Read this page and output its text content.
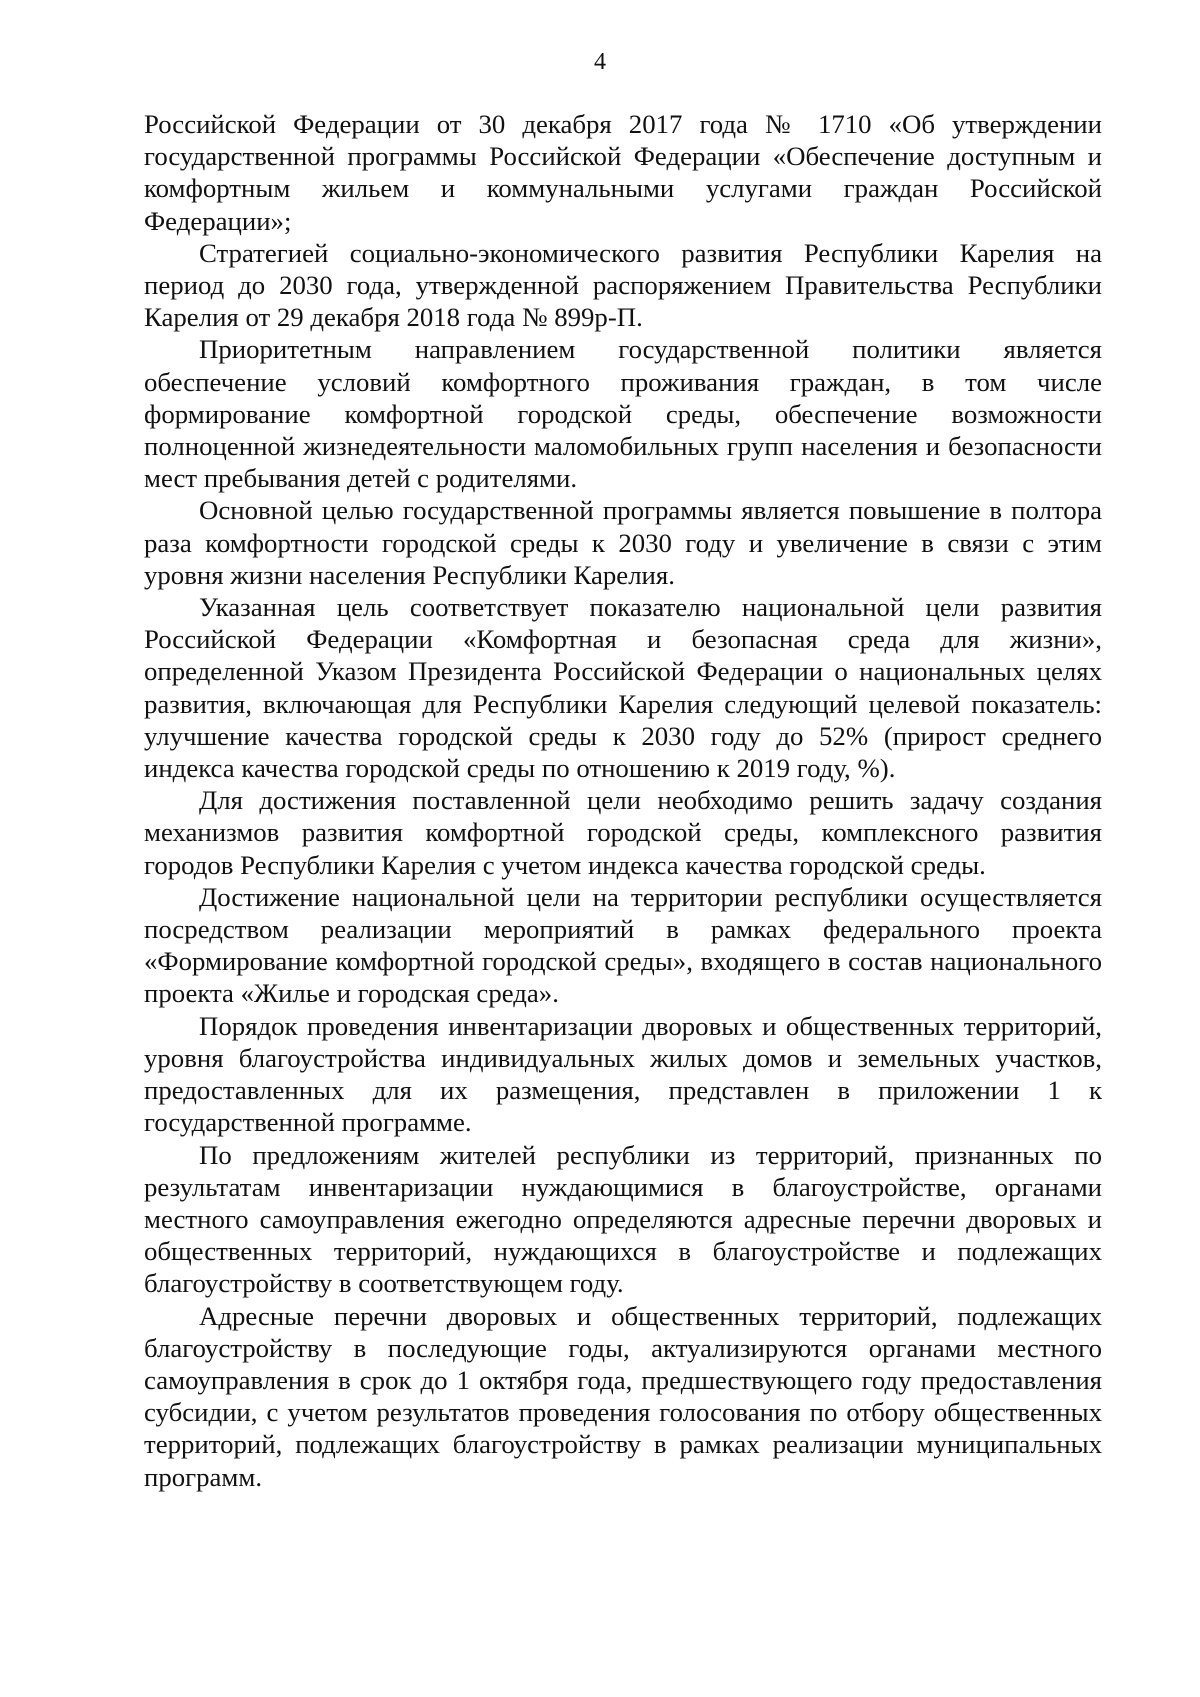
4

Российской Федерации от 30 декабря 2017 года № 1710 «Об утверждении государственной программы Российской Федерации «Обеспечение доступным и комфортным жильем и коммунальными услугами граждан Российской Федерации»;

Стратегией социально-экономического развития Республики Карелия на период до 2030 года, утвержденной распоряжением Правительства Республики Карелия от 29 декабря 2018 года № 899р-П.

Приоритетным направлением государственной политики является обеспечение условий комфортного проживания граждан, в том числе формирование комфортной городской среды, обеспечение возможности полноценной жизнедеятельности маломобильных групп населения и безопасности мест пребывания детей с родителями.

Основной целью государственной программы является повышение в полтора раза комфортности городской среды к 2030 году и увеличение в связи с этим уровня жизни населения Республики Карелия.

Указанная цель соответствует показателю национальной цели развития Российской Федерации «Комфортная и безопасная среда для жизни», определенной Указом Президента Российской Федерации о национальных целях развития, включающая для Республики Карелия следующий целевой показатель: улучшение качества городской среды к 2030 году до 52% (прирост среднего индекса качества городской среды по отношению к 2019 году, %).

Для достижения поставленной цели необходимо решить задачу создания механизмов развития комфортной городской среды, комплексного развития городов Республики Карелия с учетом индекса качества городской среды.

Достижение национальной цели на территории республики осуществляется посредством реализации мероприятий в рамках федерального проекта «Формирование комфортной городской среды», входящего в состав национального проекта «Жилье и городская среда».

Порядок проведения инвентаризации дворовых и общественных территорий, уровня благоустройства индивидуальных жилых домов и земельных участков, предоставленных для их размещения, представлен в приложении 1 к государственной программе.

По предложениям жителей республики из территорий, признанных по результатам инвентаризации нуждающимися в благоустройстве, органами местного самоуправления ежегодно определяются адресные перечни дворовых и общественных территорий, нуждающихся в благоустройстве и подлежащих благоустройству в соответствующем году.

Адресные перечни дворовых и общественных территорий, подлежащих благоустройству в последующие годы, актуализируются органами местного самоуправления в срок до 1 октября года, предшествующего году предоставления субсидии, с учетом результатов проведения голосования по отбору общественных территорий, подлежащих благоустройству в рамках реализации муниципальных программ.
